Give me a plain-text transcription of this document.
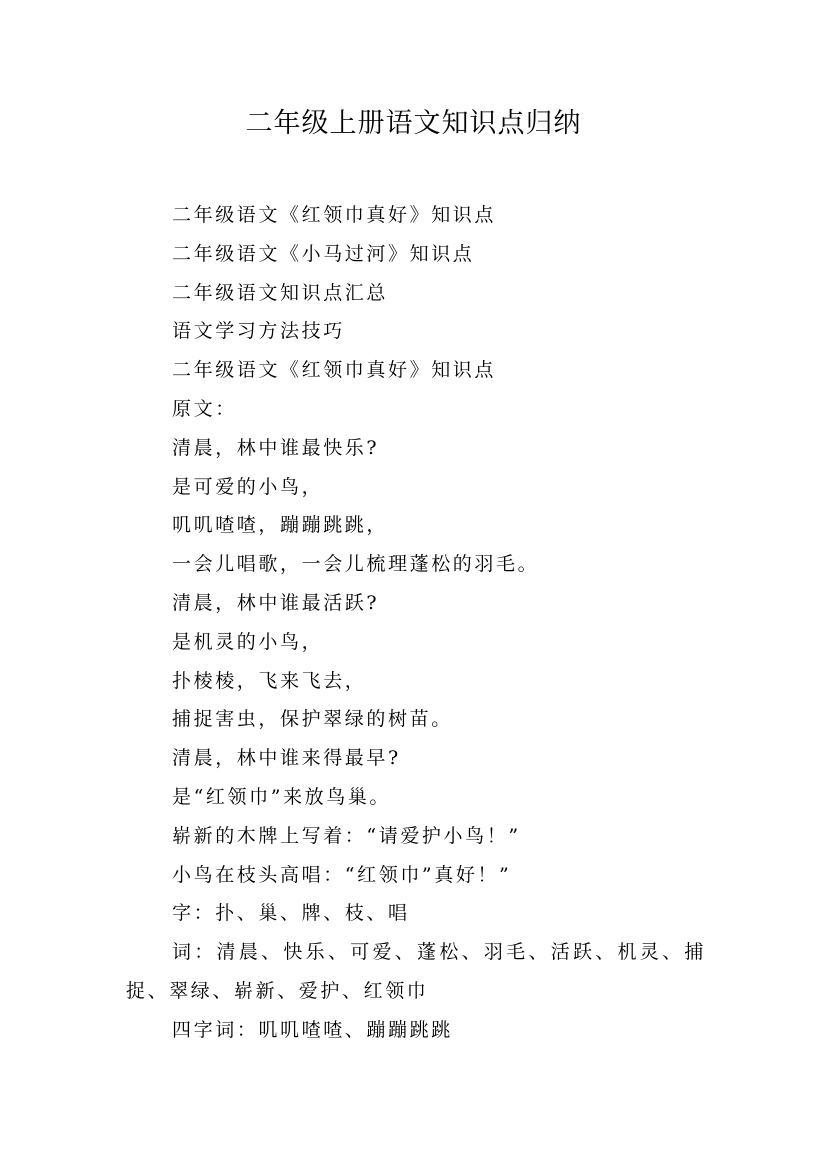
二年级上册语文知识点归纳

二年级语文《红领巾真好》知识点

二年级语文《小马过河》知识点

二年级语文知识点汇总

语文学习方法技巧

二年级语文《红领巾真好》知识点

原文：

清晨，林中谁最快乐?

是可爱的小鸟，

叽叽喳喳，蹦蹦跳跳，

一会儿唱歌，一会儿梳理蓬松的羽毛。

清晨，林中谁最活跃?

是机灵的小鸟，

扑棱棱，飞来飞去，

捕捉害虫，保护翠绿的树苗。

清晨，林中谁来得最早?

是“红领巾”来放鸟巢。

崭新的木牌上写着：“请爱护小鸟！”

小鸟在枝头高唱：“红领巾”真好！”

字：扑、巢、牌、枝、唱

词：清晨、快乐、可爱、蓬松、羽毛、活跃、机灵、捕捉、翠绿、崭新、爱护、红领巾

四字词：叽叽喳喳、蹦蹦跳跳
